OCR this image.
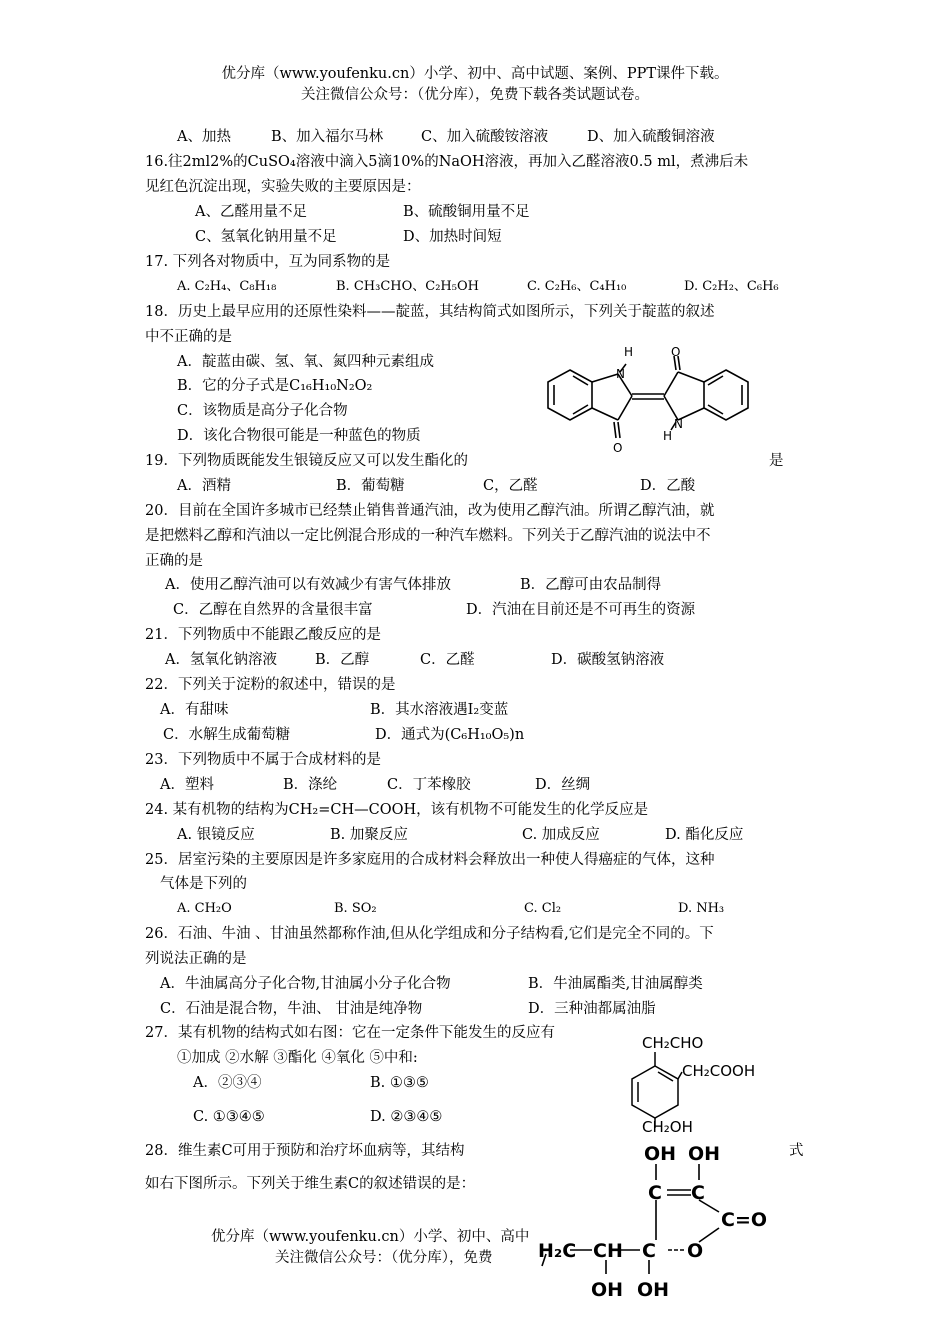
优分库（www.youfenku.cn）小学、初中、高中试题、案例、PPT课件下载。
关注微信公众号：（优分库），免费下载各类试题试卷。
A、加热	B、加入福尔马林	C、加入硫酸铵溶液	D、加入硫酸铜溶液
16.往2ml2%的CuSO₄溶液中滴入5滴10%的NaOH溶液，再加入乙醛溶液0.5 ml，煮沸后未
见红色沉淀出现，实验失败的主要原因是：
A、乙醛用量不足	B、硫酸铜用量不足
C、氢氧化钠用量不足	D、加热时间短
17. 下列各对物质中，互为同系物的是
A. C₂H₄、C₈H₁₈	B. CH₃CHO、C₂H₅OH	C. C₂H₆、C₄H₁₀	D. C₂H₂、C₆H₆
18．历史上最早应用的还原性染料——靛蓝，其结构简式如图所示，下列关于靛蓝的叙述
中不正确的是
A．靛蓝由碳、氢、氧、氮四种元素组成
B．它的分子式是C₁₆H₁₀N₂O₂
C．该物质是高分子化合物
D．该化合物很可能是一种蓝色的物质
H
N
O
O
N
H
19．下列物质既能发生银镜反应又可以发生酯化的	是
A．酒精	B．葡萄糖	C，乙醛	D．乙酸
20．目前在全国许多城市已经禁止销售普通汽油，改为使用乙醇汽油。所谓乙醇汽油，就
是把燃料乙醇和汽油以一定比例混合形成的一种汽车燃料。下列关于乙醇汽油的说法中不
正确的是
A．使用乙醇汽油可以有效减少有害气体排放	B．乙醇可由农品制得
C．乙醇在自然界的含量很丰富	D．汽油在目前还是不可再生的资源
21．下列物质中不能跟乙酸反应的是
A．氢氧化钠溶液	B．乙醇	C．乙醛	D．碳酸氢钠溶液
22．下列关于淀粉的叙述中，错误的是
A．有甜味	B．其水溶液遇I₂变蓝
C．水解生成葡萄糖	D．通式为(C₆H₁₀O₅)n
23．下列物质中不属于合成材料的是
A．塑料	B．涤纶	C．丁苯橡胶	D．丝绸
24. 某有机物的结构为CH₂=CH—COOH，该有机物不可能发生的化学反应是
A. 银镜反应	B. 加聚反应	C. 加成反应	D. 酯化反应
25．居室污染的主要原因是许多家庭用的合成材料会释放出一种使人得癌症的气体，这种
气体是下列的
A. CH₂O	B. SO₂	C. Cl₂	D. NH₃
26．石油、牛油 、甘油虽然都称作油,但从化学组成和分子结构看,它们是完全不同的。下
列说法正确的是
A．牛油属高分子化合物,甘油属小分子化合物	B．牛油属酯类,甘油属醇类
C．石油是混合物，牛油、 甘油是纯净物	D．三种油都属油脂
27．某有机物的结构式如右图：它在一定条件下能发生的反应有
①加成 ②水解 ③酯化 ④氧化 ⑤中和:
A．②③④	B. ①③⑤
C. ①③④⑤	D. ②③④⑤
CH₂CHO
CH₂COOH
CH₂OH
28．维生素C可用于预防和治疗坏血病等，其结构	式
如右下图所示。下列关于维生素C的叙述错误的是：
OH OH
C C
C=O
H₂C CH C O
OH OH
优分库（www.youfenku.cn）小学、初中、高中
关注微信公众号：（优分库），免费
